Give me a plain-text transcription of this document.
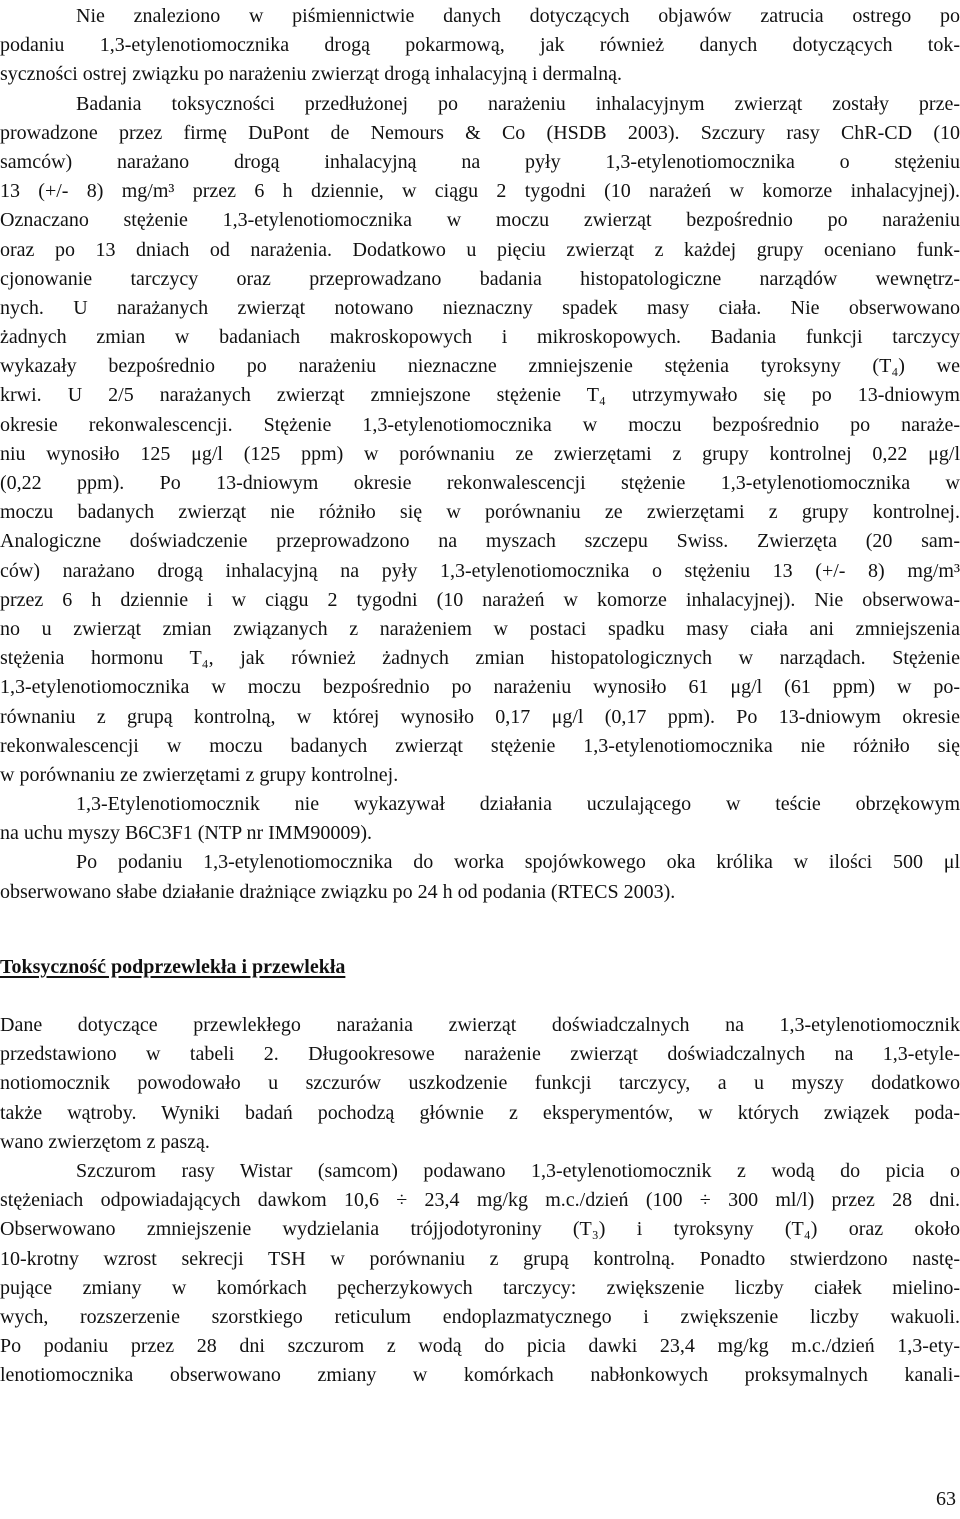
Nie znaleziono w piśmiennictwie danych dotyczących objawów zatrucia ostrego po
podaniu 1,3-etylenotiomocznika drogą pokarmową, jak również danych dotyczących tok-
syczności ostrej związku po narażeniu zwierząt drogą inhalacyjną i dermalną.
Badania toksyczności przedłużonej po narażeniu inhalacyjnym zwierząt zostały prze-
prowadzone przez firmę DuPont de Nemours & Co (HSDB 2003). Szczury rasy ChR-CD (10
samców) narażano drogą inhalacyjną na pyły 1,3-etylenotiomocznika o stężeniu
13 (+/- 8) mg/m³ przez 6 h dziennie, w ciągu 2 tygodni (10 narażeń w komorze inhalacyjnej).
Oznaczano stężenie 1,3-etylenotiomocznika w moczu zwierząt bezpośrednio po narażeniu
oraz po 13 dniach od narażenia. Dodatkowo u pięciu zwierząt z każdej grupy oceniano funk-
cjonowanie tarczycy oraz przeprowadzano badania histopatologiczne narządów wewnętrz-
nych. U narażanych zwierząt notowano nieznaczny spadek masy ciała. Nie obserwowano
żadnych zmian w badaniach makroskopowych i mikroskopowych. Badania funkcji tarczycy
wykazały bezpośrednio po narażeniu nieznaczne zmniejszenie stężenia tyroksyny (T₄) we
krwi. U 2/5 narażanych zwierząt zmniejszone stężenie T₄ utrzymywało się po 13-dniowym
okresie rekonwalescencji. Stężenie 1,3-etylenotiomocznika w moczu bezpośrednio po naraże-
niu wynosiło 125 μg/l (125 ppm) w porównaniu ze zwierzętami z grupy kontrolnej 0,22 μg/l
(0,22 ppm). Po 13-dniowym okresie rekonwalescencji stężenie 1,3-etylenotiomocznika w
moczu badanych zwierząt nie różniło się w porównaniu ze zwierzętami z grupy kontrolnej.
Analogiczne doświadczenie przeprowadzono na myszach szczepu Swiss. Zwierzęta (20 sam-
ców) narażano drogą inhalacyjną na pyły 1,3-etylenotiomocznika o stężeniu 13 (+/- 8) mg/m³
przez 6 h dziennie i w ciągu 2 tygodni (10 narażeń w komorze inhalacyjnej). Nie obserwowa-
no u zwierząt zmian związanych z narażeniem w postaci spadku masy ciała ani zmniejszenia
stężenia hormonu T₄, jak również żadnych zmian histopatologicznych w narządach. Stężenie
1,3-etylenotiomocznika w moczu bezpośrednio po narażeniu wynosiło 61 μg/l (61 ppm) w po-
równaniu z grupą kontrolną, w której wynosiło 0,17 μg/l (0,17 ppm). Po 13-dniowym okresie
rekonwalescencji w moczu badanych zwierząt stężenie 1,3-etylenotiomocznika nie różniło się
w porównaniu ze zwierzętami z grupy kontrolnej.
1,3-Etylenotiomocznik nie wykazywał działania uczulającego w teście obrzękowym
na uchu myszy B6C3F1 (NTP nr IMM90009).
Po podaniu 1,3-etylenotiomocznika do worka spojówkowego oka królika w ilości 500 μl
obserwowano słabe działanie drażniące związku po 24 h od podania (RTECS 2003).
Toksyczność podprzewlekła i przewlekła
Dane dotyczące przewlekłego narażania zwierząt doświadczalnych na 1,3-etylenotiomocznik
przedstawiono w tabeli 2. Długookresowe narażenie zwierząt doświadczalnych na 1,3-etyle-
notiomocznik powodowało u szczurów uszkodzenie funkcji tarczycy, a u myszy dodatkowo
także wątroby. Wyniki badań pochodzą głównie z eksperymentów, w których związek poda-
wano zwierzętom z paszą.
Szczurom rasy Wistar (samcom) podawano 1,3-etylenotiomocznik z wodą do picia o
stężeniach odpowiadających dawkom 10,6 ÷ 23,4 mg/kg m.c./dzień (100 ÷ 300 ml/l) przez 28 dni.
Obserwowano zmniejszenie wydzielania trójjodotyroniny (T₃) i tyroksyny (T₄) oraz około
10-krotny wzrost sekrecji TSH w porównaniu z grupą kontrolną. Ponadto stwierdzono nastę-
pujące zmiany w komórkach pęcherzykowych tarczycy: zwiększenie liczby ciałek mielino-
wych, rozszerzenie szorstkiego reticulum endoplazmatycznego i zwiększenie liczby wakuoli.
Po podaniu przez 28 dni szczurom z wodą do picia dawki 23,4 mg/kg m.c./dzień 1,3-ety-
lenotiomocznika obserwowano zmiany w komórkach nabłonkowych proksymalnych kanali-
63
